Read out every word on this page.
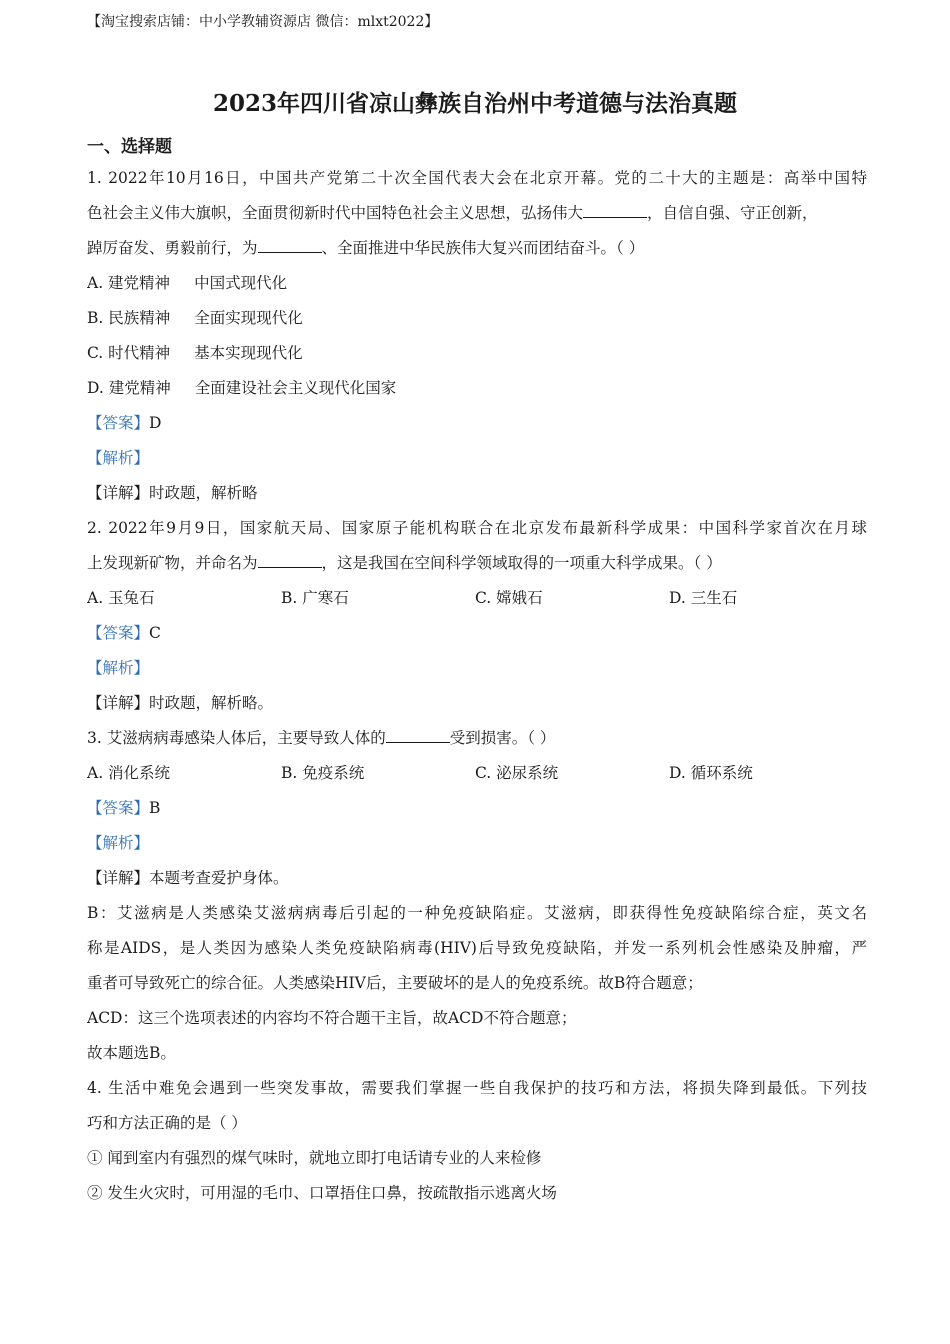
【淘宝搜索店铺：中小学教辅资源店 微信：mlxt2022】
2023年四川省凉山彝族自治州中考道德与法治真题
一、选择题
1. 2022年10月16日，中国共产党第二十次全国代表大会在北京开幕。党的二十大的主题是：高举中国特
色社会主义伟大旗帜，全面贯彻新时代中国特色社会主义思想，弘扬伟大	，自信自强、守正创新，
踔厉奋发、勇毅前行，为	、全面推进中华民族伟大复兴而团结奋斗。（ ）
A. 建党精神 中国式现代化
B. 民族精神 全面实现现代化
C. 时代精神 基本实现现代化
D. 建党精神 全面建设社会主义现代化国家
【答案】D
【解析】
【详解】时政题，解析略
2. 2022年9月9日，国家航天局、国家原子能机构联合在北京发布最新科学成果：中国科学家首次在月球
上发现新矿物，并命名为	，这是我国在空间科学领域取得的一项重大科学成果。（ ）
A. 玉兔石	B. 广寒石	C. 嫦娥石	D. 三生石
【答案】C
【解析】
【详解】时政题，解析略。
3. 艾滋病病毒感染人体后，主要导致人体的	受到损害。（ ）
A. 消化系统	B. 免疫系统	C. 泌尿系统	D. 循环系统
【答案】B
【解析】
【详解】本题考查爱护身体。
B：艾滋病是人类感染艾滋病病毒后引起的一种免疫缺陷症。艾滋病，即获得性免疫缺陷综合症，英文名
称是AIDS，是人类因为感染人类免疫缺陷病毒(HIV)后导致免疫缺陷，并发一系列机会性感染及肿瘤，严
重者可导致死亡的综合征。人类感染HIV后，主要破坏的是人的免疫系统。故B符合题意；
ACD：这三个选项表述的内容均不符合题干主旨，故ACD不符合题意；
故本题选B。
4. 生活中难免会遇到一些突发事故，需要我们掌握一些自我保护的技巧和方法，将损失降到最低。下列技
巧和方法正确的是（ ）
① 闻到室内有强烈的煤气味时，就地立即打电话请专业的人来检修
② 发生火灾时，可用湿的毛巾、口罩捂住口鼻，按疏散指示逃离火场
